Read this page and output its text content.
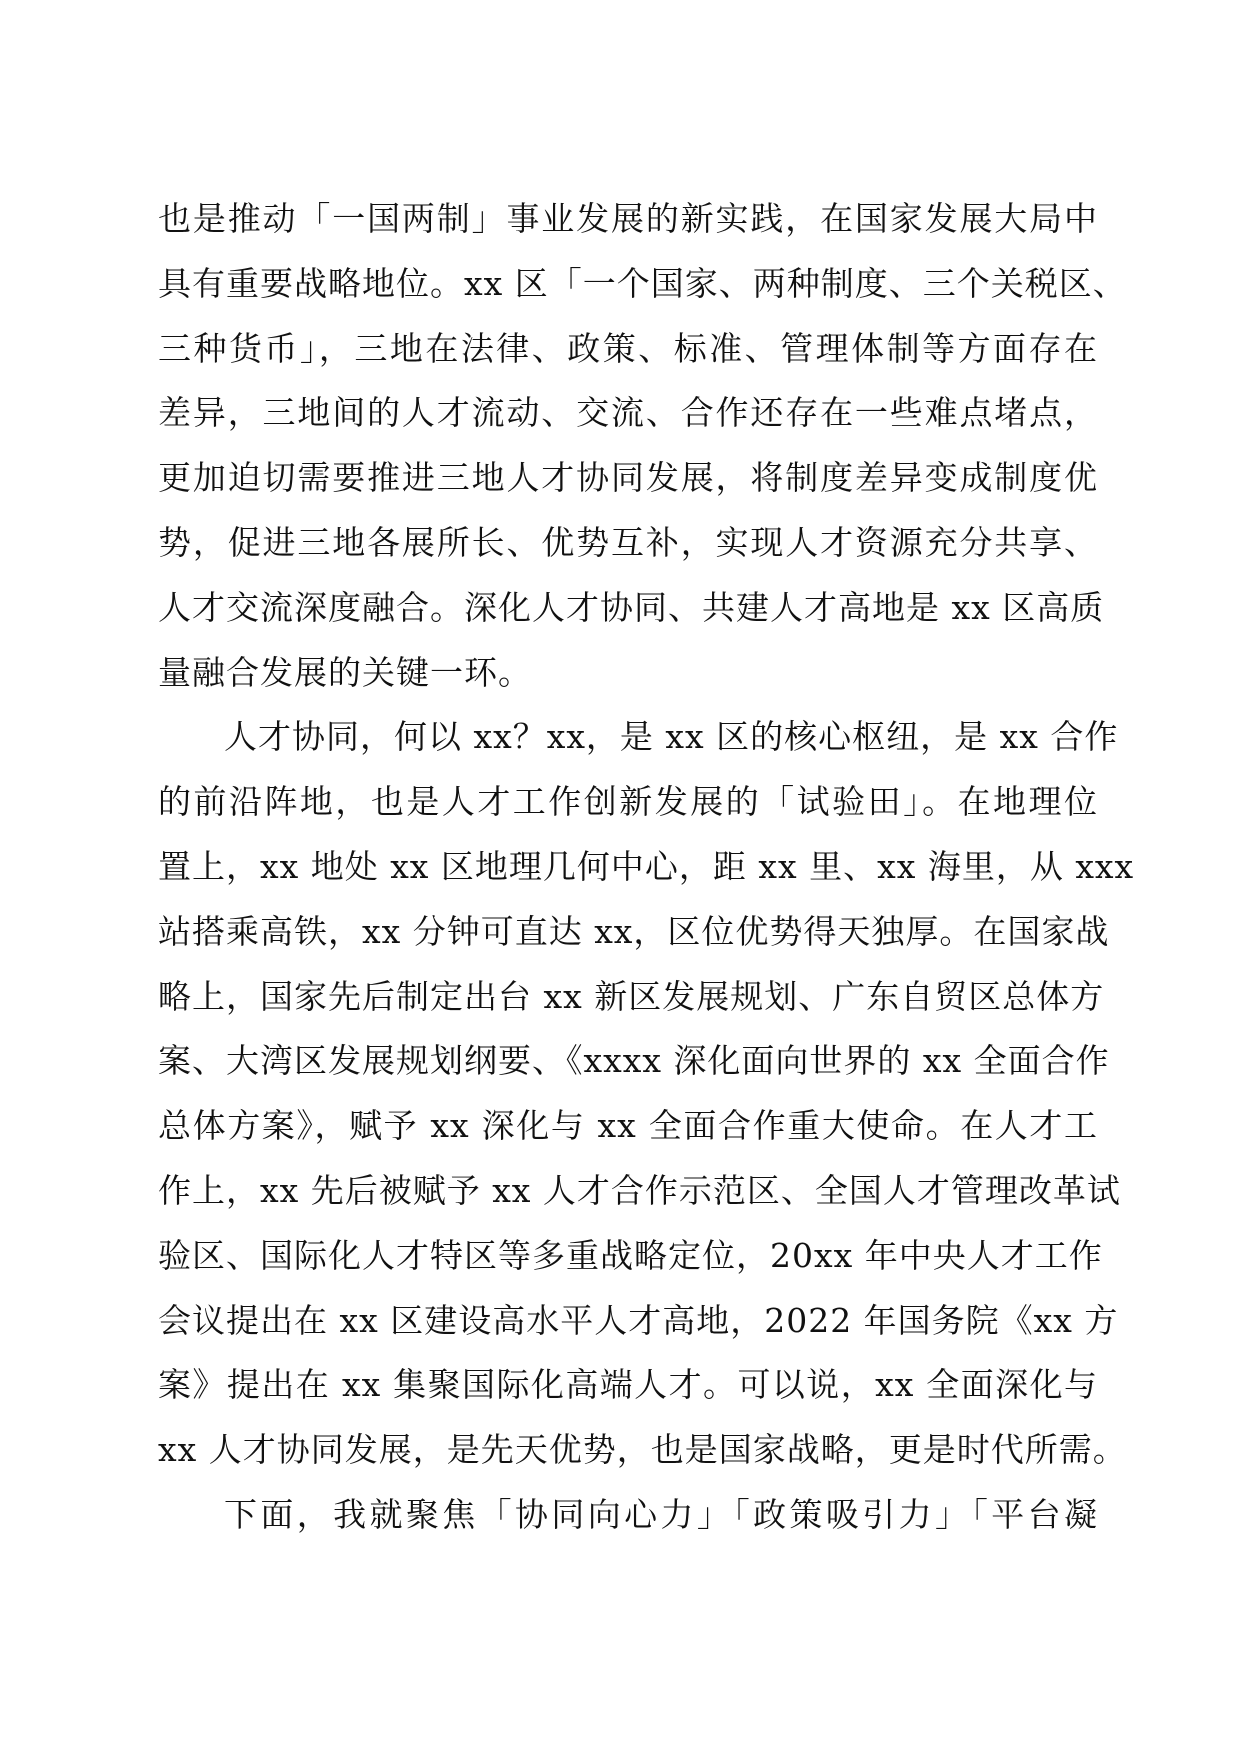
也是推动「一国两制」事业发展的新实践，在国家发展大局中
具有重要战略地位。xx 区「一个国家、两种制度、三个关税区、
三种货币」，三地在法律、政策、标准、管理体制等方面存在
差异，三地间的人才流动、交流、合作还存在一些难点堵点，
更加迫切需要推进三地人才协同发展，将制度差异变成制度优
势，促进三地各展所长、优势互补，实现人才资源充分共享、
人才交流深度融合。深化人才协同、共建人才高地是 xx 区高质
量融合发展的关键一环。
人才协同，何以 xx？xx，是 xx 区的核心枢纽，是 xx 合作
的前沿阵地，也是人才工作创新发展的「试验田」。在地理位
置上，xx 地处 xx 区地理几何中心，距 xx 里、xx 海里，从 xxx
站搭乘高铁，xx 分钟可直达 xx，区位优势得天独厚。在国家战
略上，国家先后制定出台 xx 新区发展规划、广东自贸区总体方
案、大湾区发展规划纲要、《xxxx 深化面向世界的 xx 全面合作
总体方案》，赋予 xx 深化与 xx 全面合作重大使命。在人才工
作上，xx 先后被赋予 xx 人才合作示范区、全国人才管理改革试
验区、国际化人才特区等多重战略定位，20xx 年中央人才工作
会议提出在 xx 区建设高水平人才高地，2022 年国务院《xx 方
案》提出在 xx 集聚国际化高端人才。可以说，xx 全面深化与
xx 人才协同发展，是先天优势，也是国家战略，更是时代所需。
下面，我就聚焦「协同向心力」「政策吸引力」「平台凝
